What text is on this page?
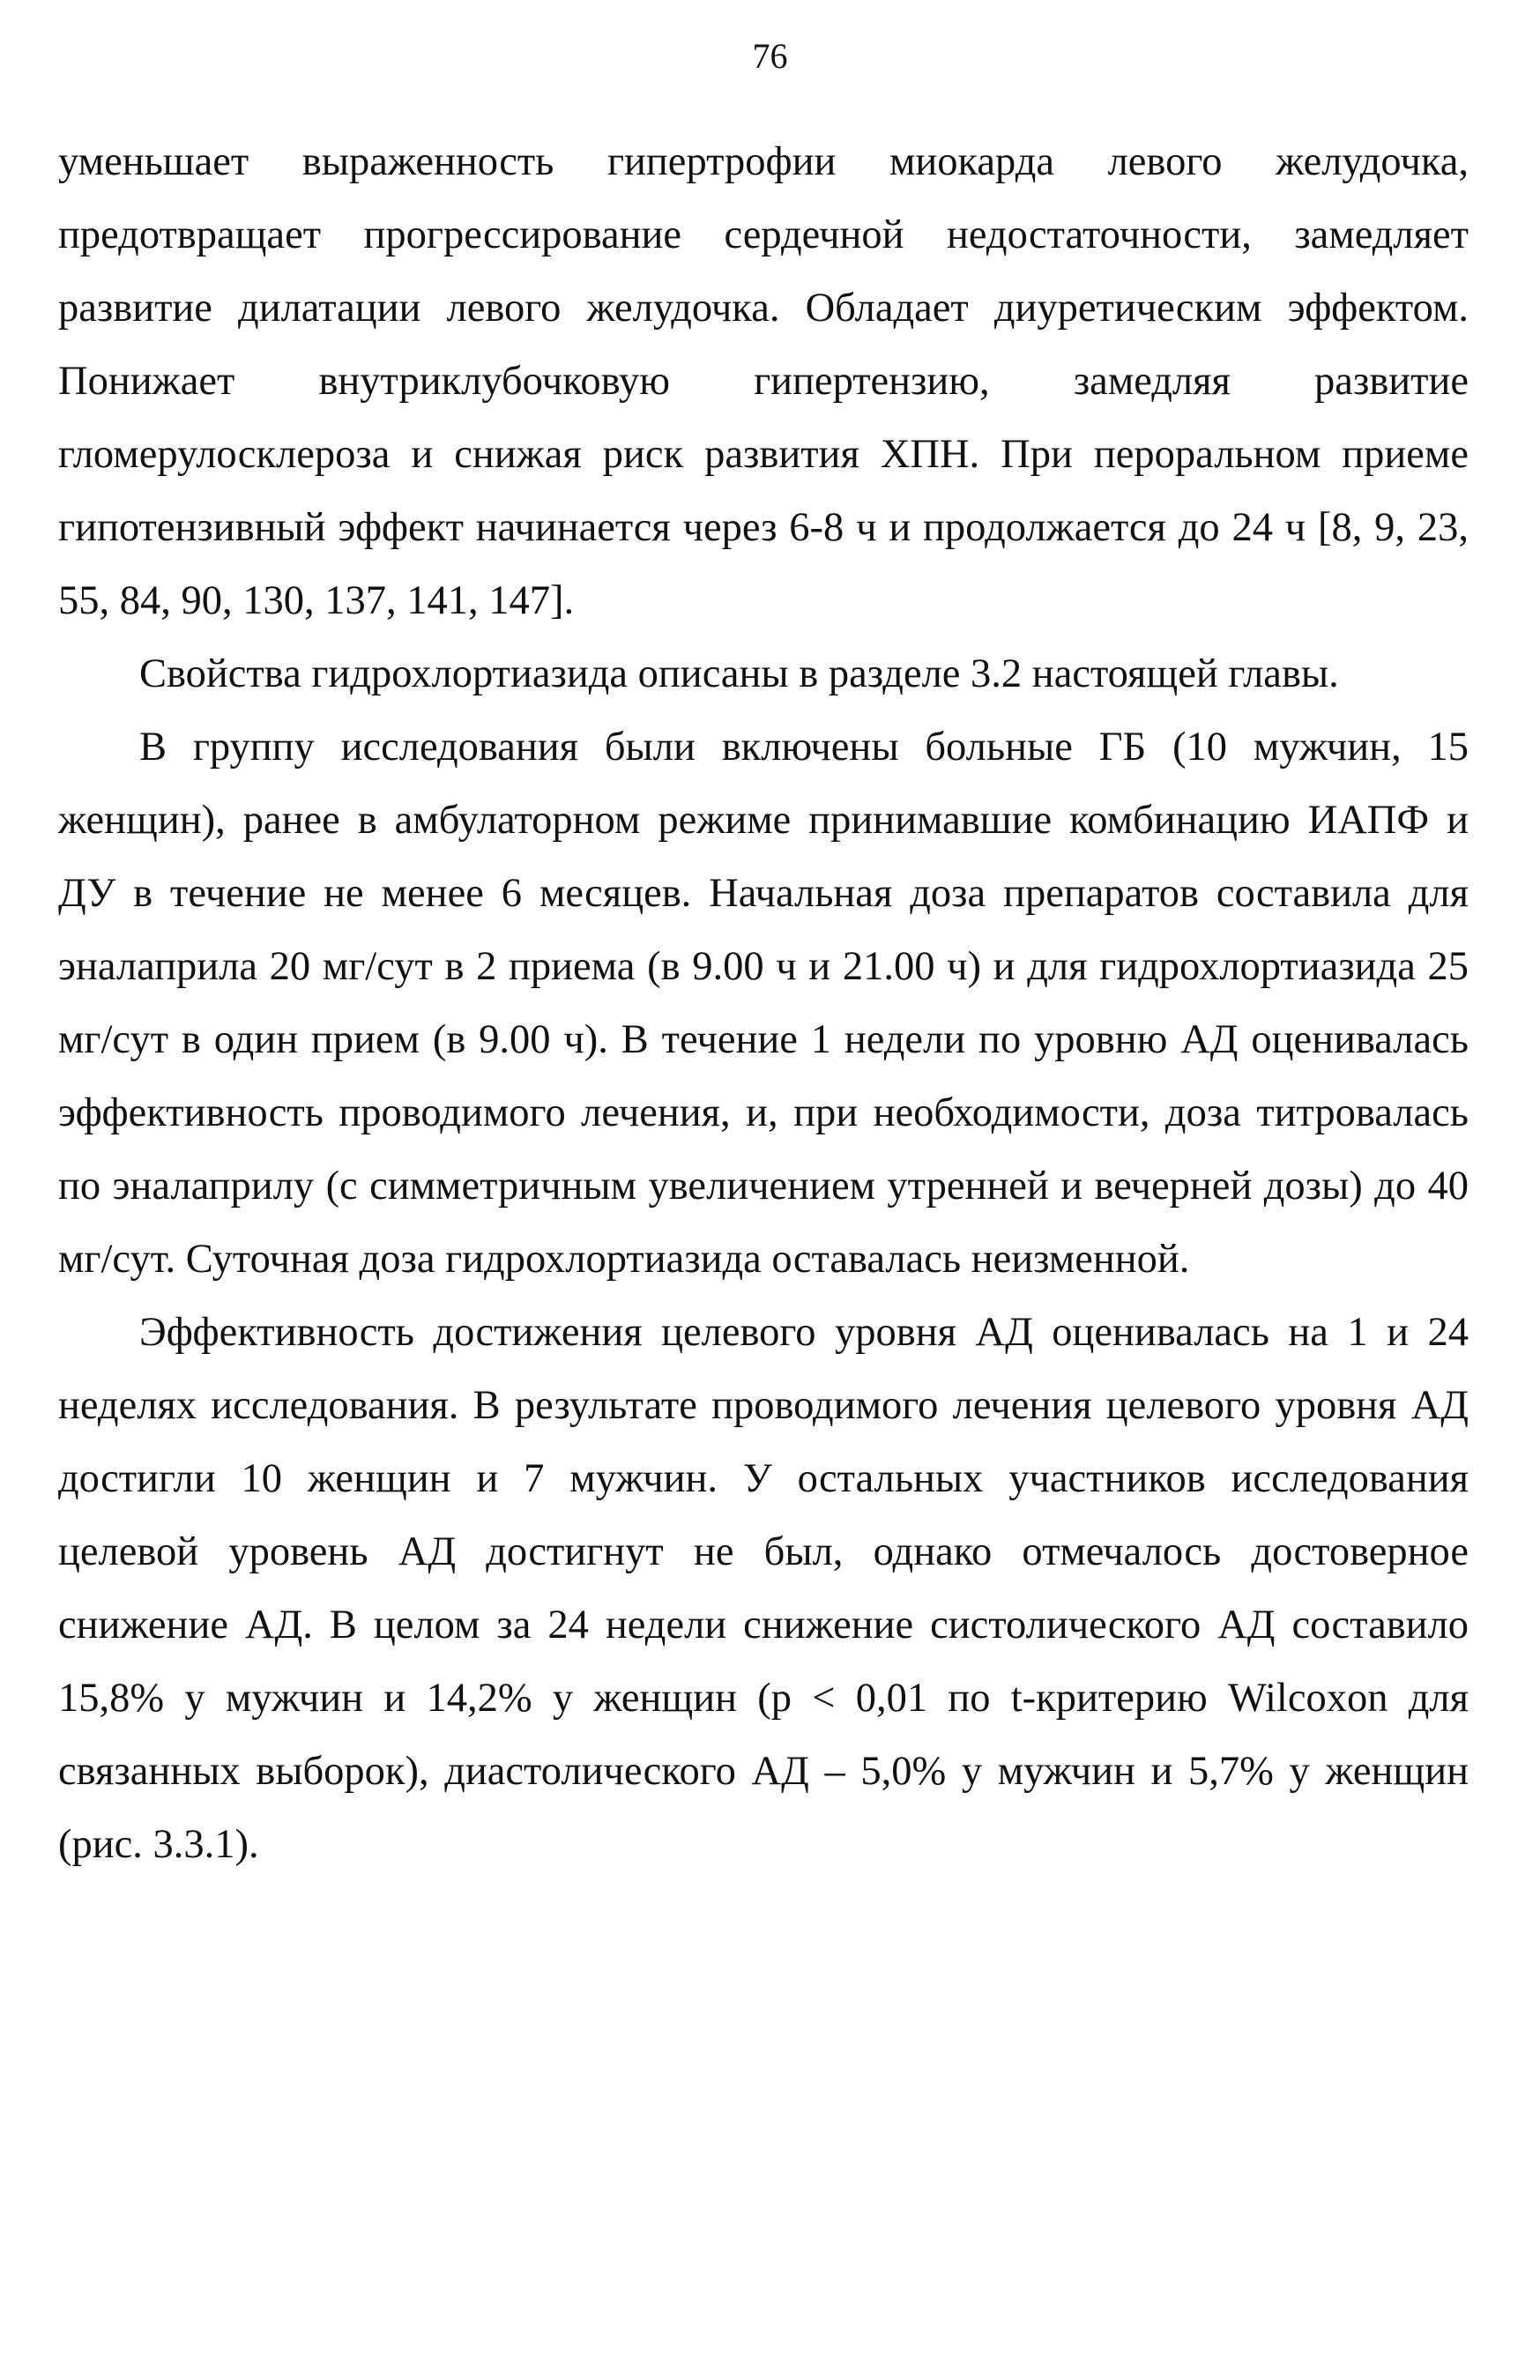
76

уменьшает выраженность гипертрофии миокарда левого желудочка, предотвращает прогрессирование сердечной недостаточности, замедляет развитие дилатации левого желудочка. Обладает диуретическим эффектом. Понижает внутриклубочковую гипертензию, замедляя развитие гломерулосклероза и снижая риск развития ХПН. При пероральном приеме гипотензивный эффект начинается через 6-8 ч и продолжается до 24 ч [8, 9, 23, 55, 84, 90, 130, 137, 141, 147].

Свойства гидрохлортиазида описаны в разделе 3.2 настоящей главы.

В группу исследования были включены больные ГБ (10 мужчин, 15 женщин), ранее в амбулаторном режиме принимавшие комбинацию ИАПФ и ДУ в течение не менее 6 месяцев. Начальная доза препаратов составила для эналаприла 20 мг/сут в 2 приема (в 9.00 ч и 21.00 ч) и для гидрохлортиазида 25 мг/сут в один прием (в 9.00 ч). В течение 1 недели по уровню АД оценивалась эффективность проводимого лечения, и, при необходимости, доза титровалась по эналаприлу (с симметричным увеличением утренней и вечерней дозы) до 40 мг/сут. Суточная доза гидрохлортиазида оставалась неизменной.

Эффективность достижения целевого уровня АД оценивалась на 1 и 24 неделях исследования. В результате проводимого лечения целевого уровня АД достигли 10 женщин и 7 мужчин. У остальных участников исследования целевой уровень АД достигнут не был, однако отмечалось достоверное снижение АД. В целом за 24 недели снижение систолического АД составило 15,8% у мужчин и 14,2% у женщин (р < 0,01 по t-критерию Wilcoxon для связанных выборок), диастолического АД – 5,0% у мужчин и 5,7% у женщин (рис. 3.3.1).
